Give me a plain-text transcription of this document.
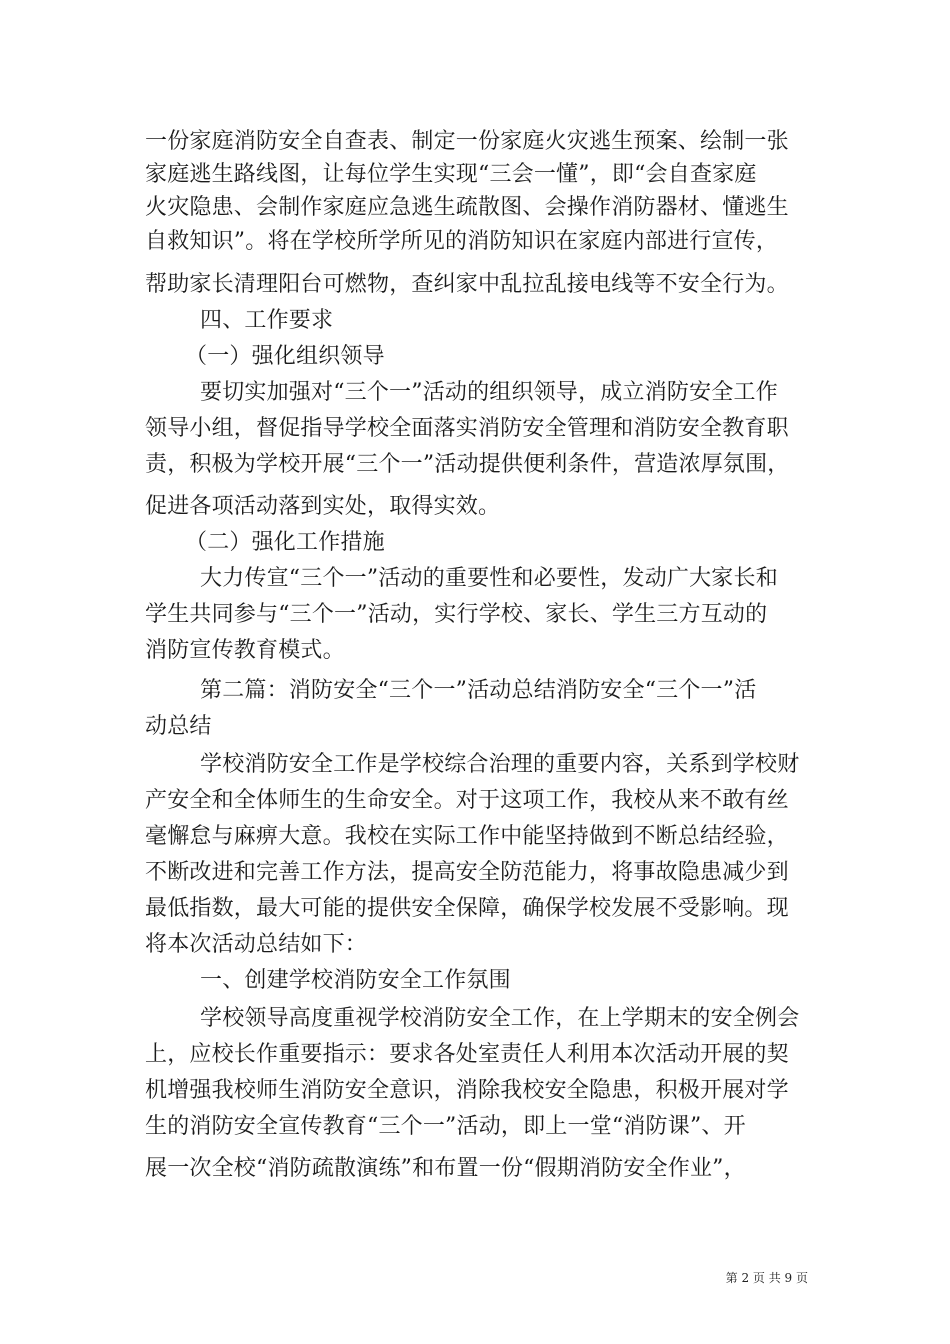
一份家庭消防安全自查表、制定一份家庭火灾逃生预案、绘制一张
家庭逃生路线图，让每位学生实现“三会一懂”，即“会自查家庭
火灾隐患、会制作家庭应急逃生疏散图、会操作消防器材、懂逃生
自救知识”。将在学校所学所见的消防知识在家庭内部进行宣传，
帮助家长清理阳台可燃物，查纠家中乱拉乱接电线等不安全行为。
四、工作要求
（一）强化组织领导
要切实加强对“三个一”活动的组织领导，成立消防安全工作
领导小组，督促指导学校全面落实消防安全管理和消防安全教育职
责，积极为学校开展“三个一”活动提供便利条件，营造浓厚氛围，
促进各项活动落到实处，取得实效。
（二）强化工作措施
大力传宣“三个一”活动的重要性和必要性，发动广大家长和
学生共同参与“三个一”活动，实行学校、家长、学生三方互动的
消防宣传教育模式。
第二篇：消防安全“三个一”活动总结消防安全“三个一”活
动总结
学校消防安全工作是学校综合治理的重要内容，关系到学校财
产安全和全体师生的生命安全。对于这项工作，我校从来不敢有丝
毫懈怠与麻痹大意。我校在实际工作中能坚持做到不断总结经验，
不断改进和完善工作方法，提高安全防范能力，将事故隐患减少到
最低指数，最大可能的提供安全保障，确保学校发展不受影响。现
将本次活动总结如下：
一、创建学校消防安全工作氛围
学校领导高度重视学校消防安全工作，在上学期末的安全例会
上，应校长作重要指示：要求各处室责任人利用本次活动开展的契
机增强我校师生消防安全意识，消除我校安全隐患，积极开展对学
生的消防安全宣传教育“三个一”活动，即上一堂“消防课”、开
展一次全校“消防疏散演练”和布置一份“假期消防安全作业”，
第 2 页 共 9 页
